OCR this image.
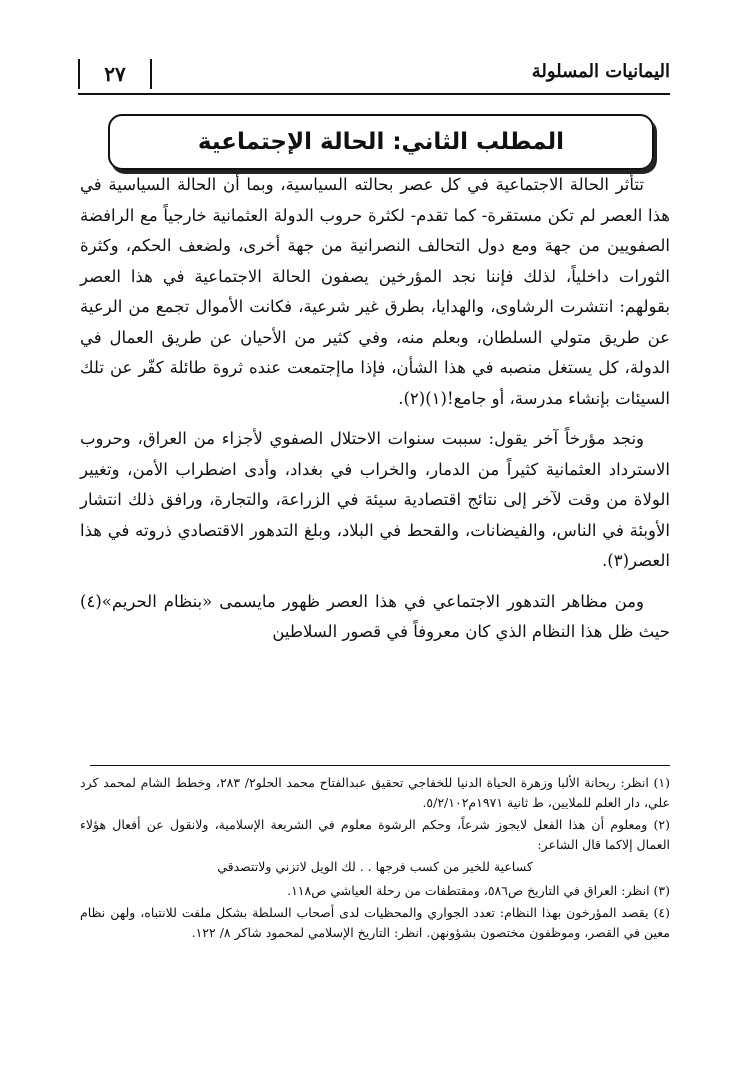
اليمانيات المسلولة
٢٧
المطلب الثاني: الحالة الإجتماعية

تتأثر الحالة الاجتماعية في كل عصر بحالته السياسية، وبما أن الحالة السياسية في هذا العصر لم تكن مستقرة- كما تقدم- لكثرة حروب الدولة العثمانية خارجياً مع الرافضة الصفويين من جهة ومع دول التحالف النصرانية من جهة أخرى، ولضعف الحكم، وكثرة الثورات داخلياً، لذلك فإننا نجد المؤرخين يصفون الحالة الاجتماعية في هذا العصر بقولهم: انتشرت الرشاوى، والهدايا، بطرق غير شرعية، فكانت الأموال تجمع من الرعية عن طريق متولي السلطان، وبعلم منه، وفي كثير من الأحيان عن طريق العمال في الدولة، كل يستغل منصبه في هذا الشأن، فإذا ماإجتمعت عنده ثروة طائلة كفّر عن تلك السيئات بإنشاء مدرسة، أو جامع!(١)(٢).

ونجد مؤرخاً آخر يقول: سببت سنوات الاحتلال الصفوي لأجزاء من العراق، وحروب الاسترداد العثمانية كثيراً من الدمار، والخراب في بغداد، وأدى اضطراب الأمن، وتغيير الولاة من وقت لآخر إلى نتائج اقتصادية سيئة في الزراعة، والتجارة، ورافق ذلك انتشار الأوبئة في الناس، والفيضانات، والقحط في البلاد، وبلغ التدهور الاقتصادي ذروته في هذا العصر(٣).

ومن مظاهر التدهور الاجتماعي في هذا العصر ظهور مايسمى «بنظام الحريم»(٤) حيث ظل هذا النظام الذي كان معروفاً في قصور السلاطين

(١) انظر: ريحانة الألبا وزهرة الحياة الدنيا للخفاجي تحقيق عبدالفتاح محمد الحلو٢/ ٢٨٣، وخطط الشام لمحمد كرد علي، دار العلم للملايين، ط ثانية ١٩٧١م٥/٢/١٠٢.

(٢) ومعلوم أن هذا الفعل لايجوز شرعاً، وحكم الرشوة معلوم في الشريعة الإسلامية، ولانقول عن أفعال هؤلاء العمال إلاكما قال الشاعر:

كساعية للخير من كسب فرجها . . لك الويل لاتزني ولاتتصدقي

(٣) انظر: العراق في التاريخ ص٥٨٦، ومقتطفات من رحلة العياشي ص١١٨.

(٤) يقصد المؤرخون بهذا النظام: تعدد الجواري والمحظيات لدى أصحاب السلطة بشكل ملفت للانتباه، ولهن نظام معين في القصر، وموظفون مختصون بشؤونهن. انظر: التاريخ الإسلامي لمحمود شاكر ٨/ ١٢٢.
